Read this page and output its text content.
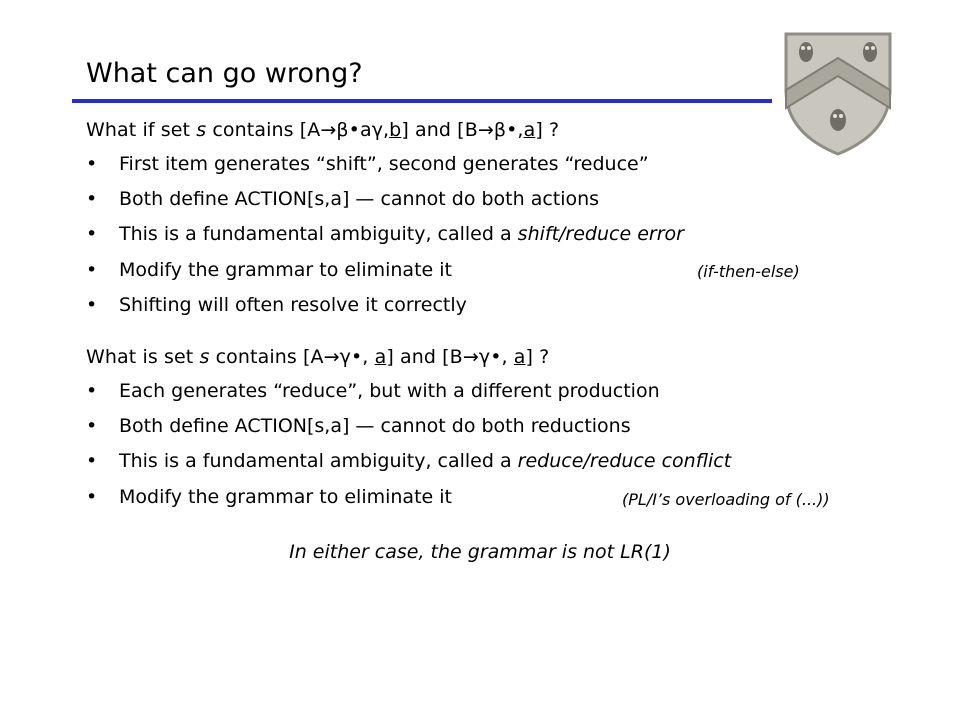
What can go wrong?
What if set s contains [A→β•aγ,b] and [B→β•,a] ?
• First item generates “shift”, second generates “reduce”
• Both define ACTION[s,a] — cannot do both actions
• This is a fundamental ambiguity, called a shift/reduce error
• Modify the grammar to eliminate it	(if-then-else)
• Shifting will often resolve it correctly
What is set s contains [A→γ•, a] and [B→γ•, a] ?
• Each generates “reduce”, but with a different production
• Both define ACTION[s,a] — cannot do both reductions
• This is a fundamental ambiguity, called a reduce/reduce conflict
• Modify the grammar to eliminate it	(PL/I’s overloading of (...))
In either case, the grammar is not LR(1)
